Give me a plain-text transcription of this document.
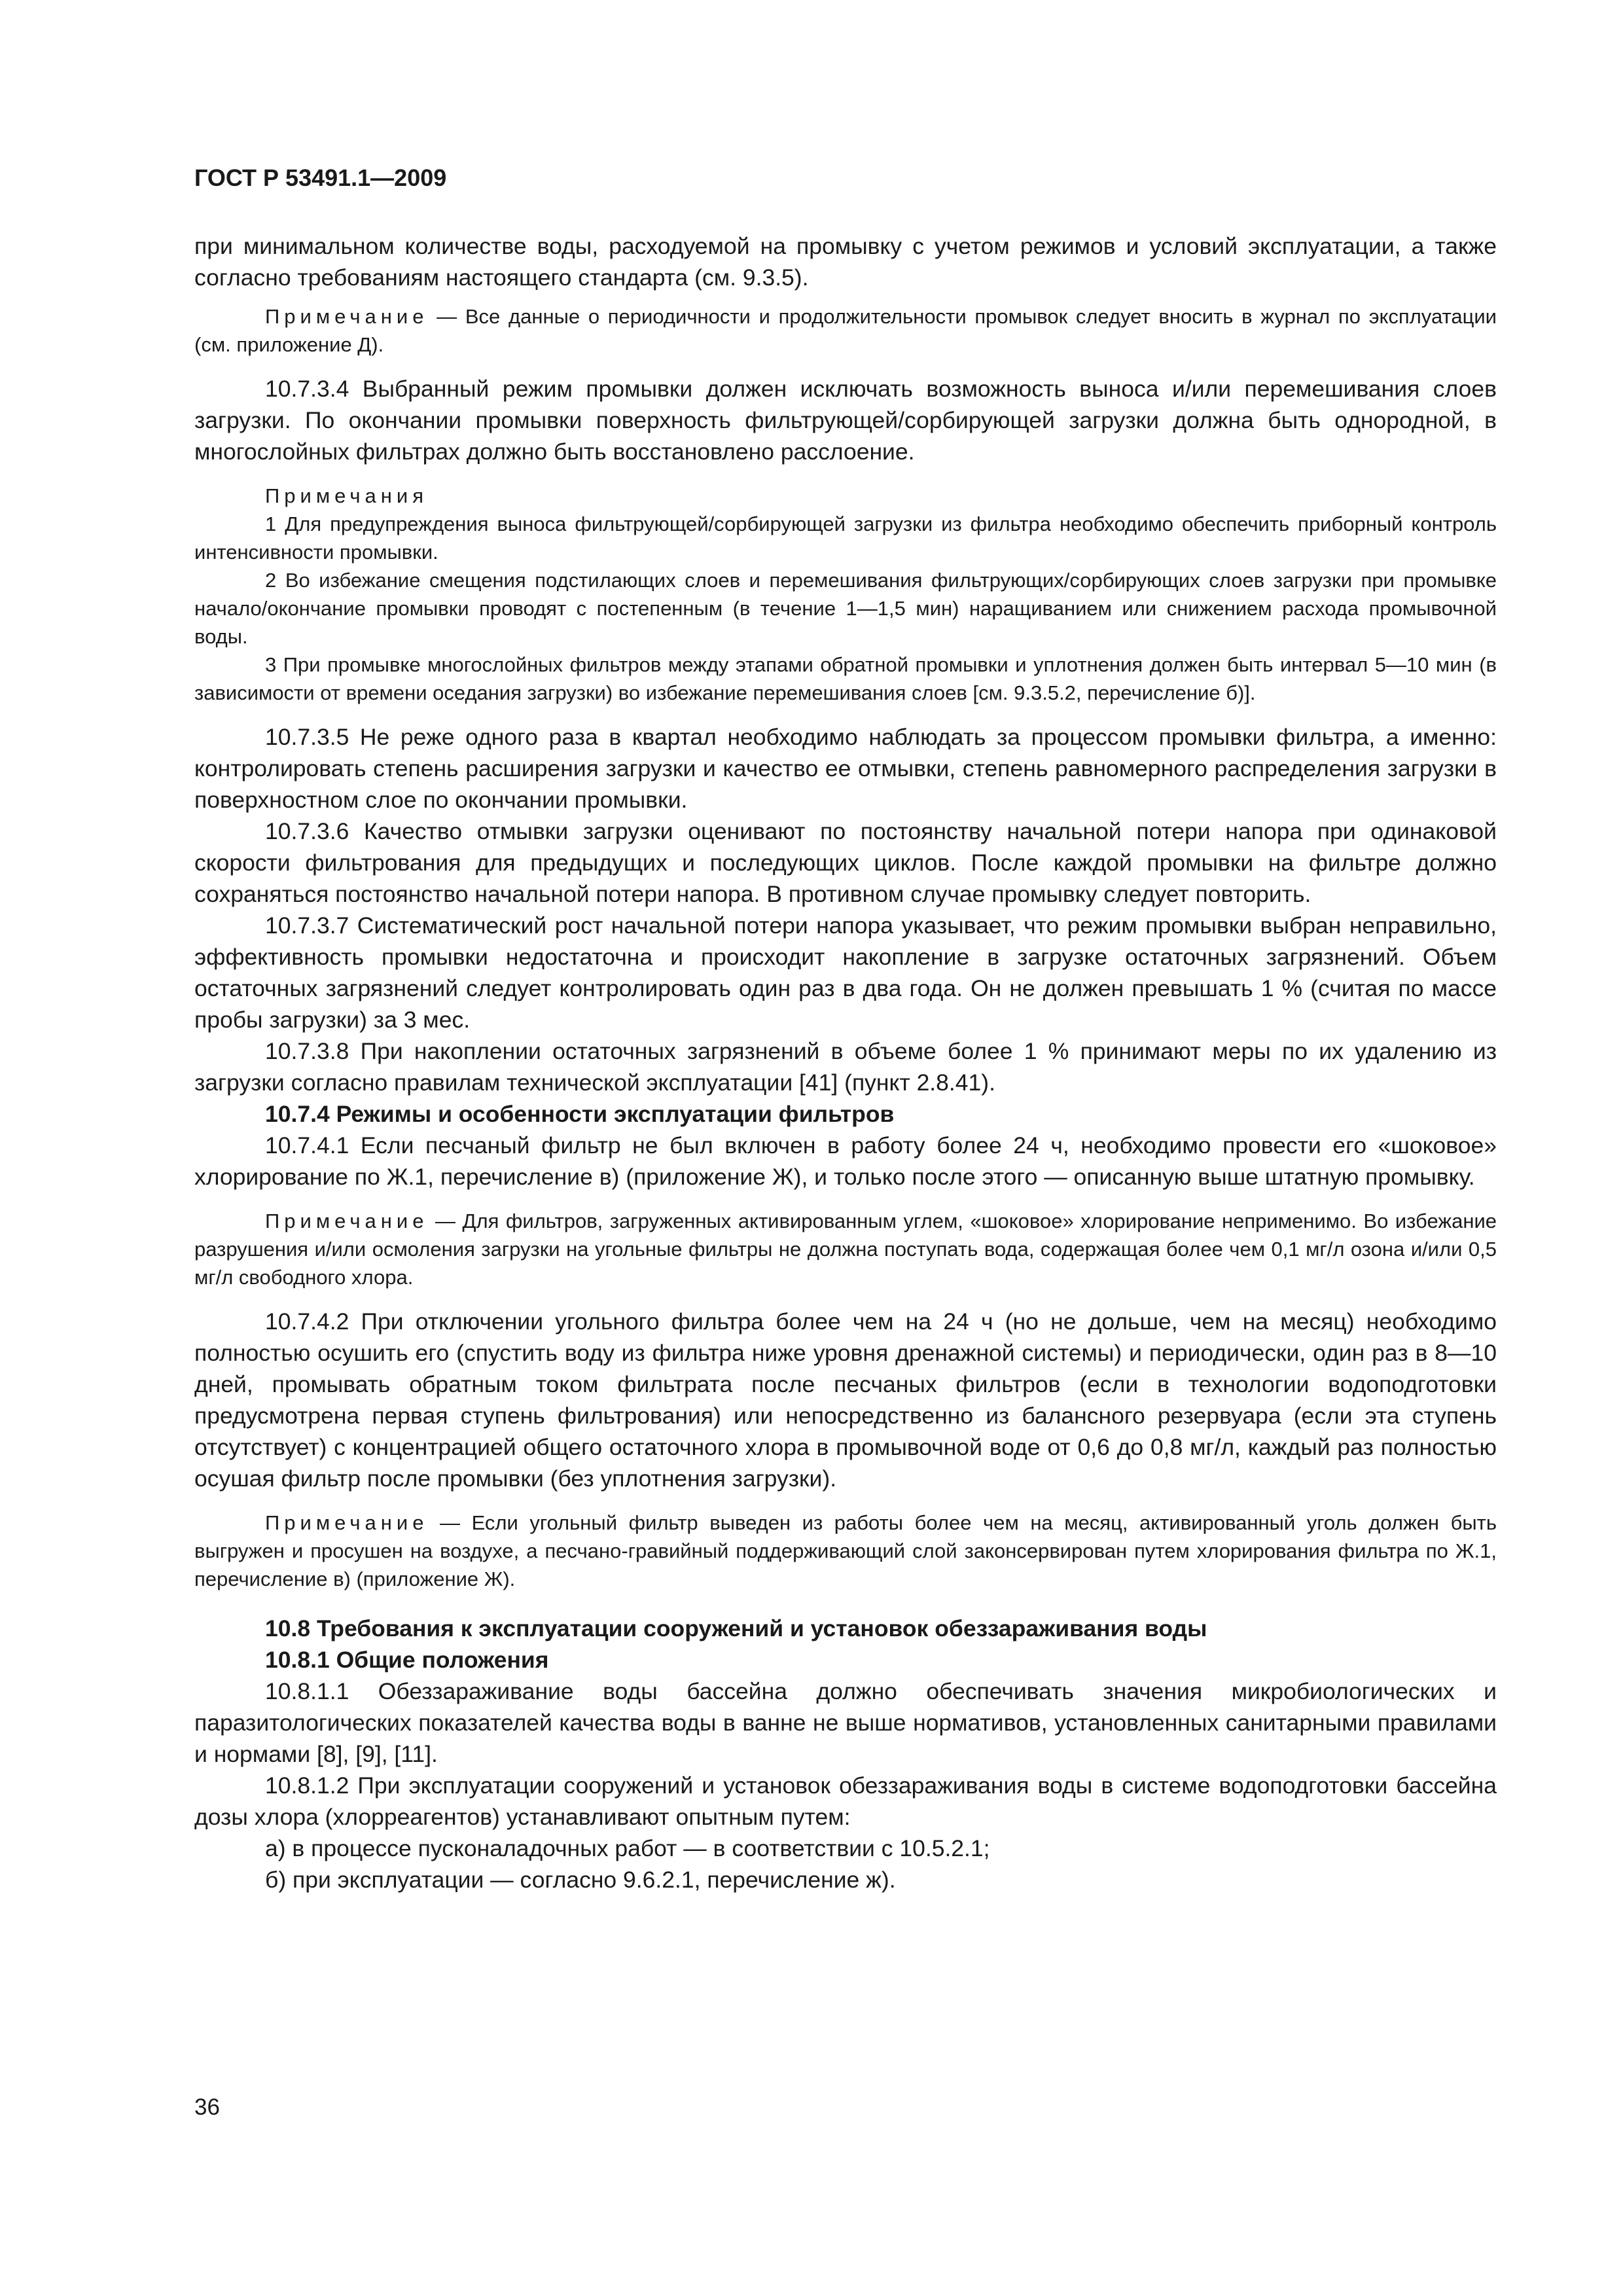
ГОСТ Р 53491.1—2009

при минимальном количестве воды, расходуемой на промывку с учетом режимов и условий эксплуатации, а также согласно требованиям настоящего стандарта (см. 9.3.5).

Примечание — Все данные о периодичности и продолжительности промывок следует вносить в журнал по эксплуатации (см. приложение Д).

10.7.3.4 Выбранный режим промывки должен исключать возможность выноса и/или перемешивания слоев загрузки. По окончании промывки поверхность фильтрующей/сорбирующей загрузки должна быть однородной, в многослойных фильтрах должно быть восстановлено расслоение.

Примечания

1 Для предупреждения выноса фильтрующей/сорбирующей загрузки из фильтра необходимо обеспечить приборный контроль интенсивности промывки.

2 Во избежание смещения подстилающих слоев и перемешивания фильтрующих/сорбирующих слоев загрузки при промывке начало/окончание промывки проводят с постепенным (в течение 1—1,5 мин) наращиванием или снижением расхода промывочной воды.

3 При промывке многослойных фильтров между этапами обратной промывки и уплотнения должен быть интервал 5—10 мин (в зависимости от времени оседания загрузки) во избежание перемешивания слоев [см. 9.3.5.2, перечисление б)].

10.7.3.5 Не реже одного раза в квартал необходимо наблюдать за процессом промывки фильтра, а именно: контролировать степень расширения загрузки и качество ее отмывки, степень равномерного распределения загрузки в поверхностном слое по окончании промывки.

10.7.3.6 Качество отмывки загрузки оценивают по постоянству начальной потери напора при одинаковой скорости фильтрования для предыдущих и последующих циклов. После каждой промывки на фильтре должно сохраняться постоянство начальной потери напора. В противном случае промывку следует повторить.

10.7.3.7 Систематический рост начальной потери напора указывает, что режим промывки выбран неправильно, эффективность промывки недостаточна и происходит накопление в загрузке остаточных загрязнений. Объем остаточных загрязнений следует контролировать один раз в два года. Он не должен превышать 1 % (считая по массе пробы загрузки) за 3 мес.

10.7.3.8 При накоплении остаточных загрязнений в объеме более 1 % принимают меры по их удалению из загрузки согласно правилам технической эксплуатации [41] (пункт 2.8.41).

10.7.4 Режимы и особенности эксплуатации фильтров

10.7.4.1 Если песчаный фильтр не был включен в работу более 24 ч, необходимо провести его «шоковое» хлорирование по Ж.1, перечисление в) (приложение Ж), и только после этого — описанную выше штатную промывку.

Примечание — Для фильтров, загруженных активированным углем, «шоковое» хлорирование неприменимо. Во избежание разрушения и/или осмоления загрузки на угольные фильтры не должна поступать вода, содержащая более чем 0,1 мг/л озона и/или 0,5 мг/л свободного хлора.

10.7.4.2 При отключении угольного фильтра более чем на 24 ч (но не дольше, чем на месяц) необходимо полностью осушить его (спустить воду из фильтра ниже уровня дренажной системы) и периодически, один раз в 8—10 дней, промывать обратным током фильтрата после песчаных фильтров (если в технологии водоподготовки предусмотрена первая ступень фильтрования) или непосредственно из балансного резервуара (если эта ступень отсутствует) с концентрацией общего остаточного хлора в промывочной воде от 0,6 до 0,8 мг/л, каждый раз полностью осушая фильтр после промывки (без уплотнения загрузки).

Примечание — Если угольный фильтр выведен из работы более чем на месяц, активированный уголь должен быть выгружен и просушен на воздухе, а песчано-гравийный поддерживающий слой законсервирован путем хлорирования фильтра по Ж.1, перечисление в) (приложение Ж).

10.8 Требования к эксплуатации сооружений и установок обеззараживания воды

10.8.1 Общие положения

10.8.1.1 Обеззараживание воды бассейна должно обеспечивать значения микробиологических и паразитологических показателей качества воды в ванне не выше нормативов, установленных санитарными правилами и нормами [8], [9], [11].

10.8.1.2 При эксплуатации сооружений и установок обеззараживания воды в системе водоподготовки бассейна дозы хлора (хлорреагентов) устанавливают опытным путем:

а) в процессе пусконаладочных работ — в соответствии с 10.5.2.1;

б) при эксплуатации — согласно 9.6.2.1, перечисление ж).

36
